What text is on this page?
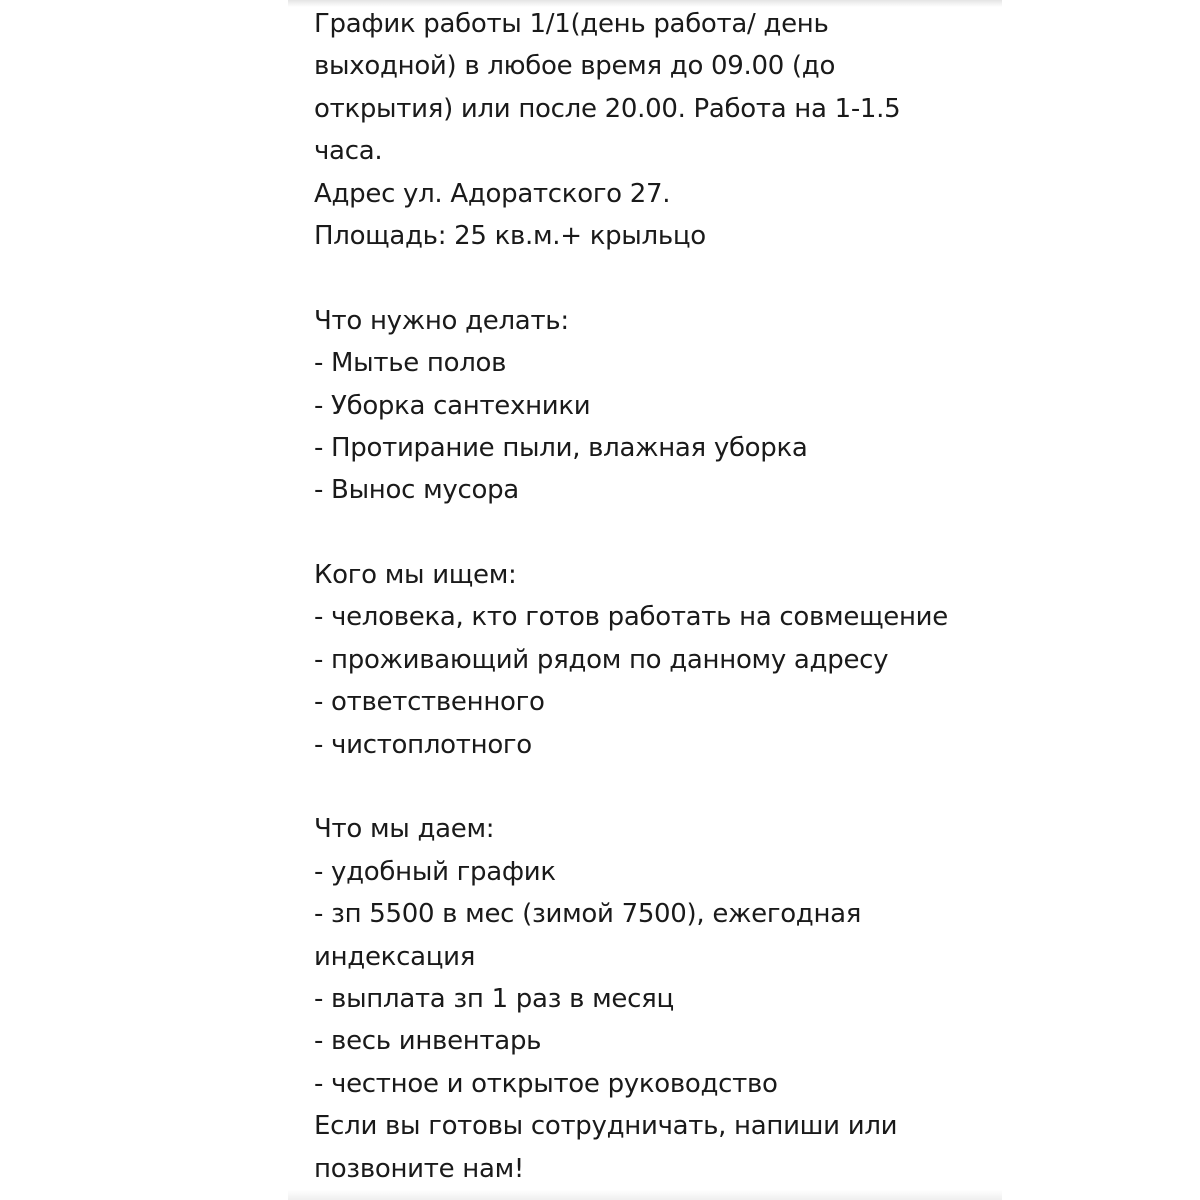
График работы 1/1(день работа/ день
выходной) в любое время до 09.00 (до
открытия) или после 20.00. Работа на 1-1.5
часа.
Адрес ул. Адоратского 27.
Площадь: 25 кв.м.+ крыльцо
Что нужно делать:
- Мытье полов
- Уборка сантехники
- Протирание пыли, влажная уборка
- Вынос мусора
Кого мы ищем:
- человека, кто готов работать на совмещение
- проживающий рядом по данному адресу
- ответственного
- чистоплотного
Что мы даем:
- удобный график
- зп 5500 в мес (зимой 7500), ежегодная
индексация
- выплата зп 1 раз в месяц
- весь инвентарь
- честное и открытое руководство
Если вы готовы сотрудничать, напиши или
позвоните нам!
